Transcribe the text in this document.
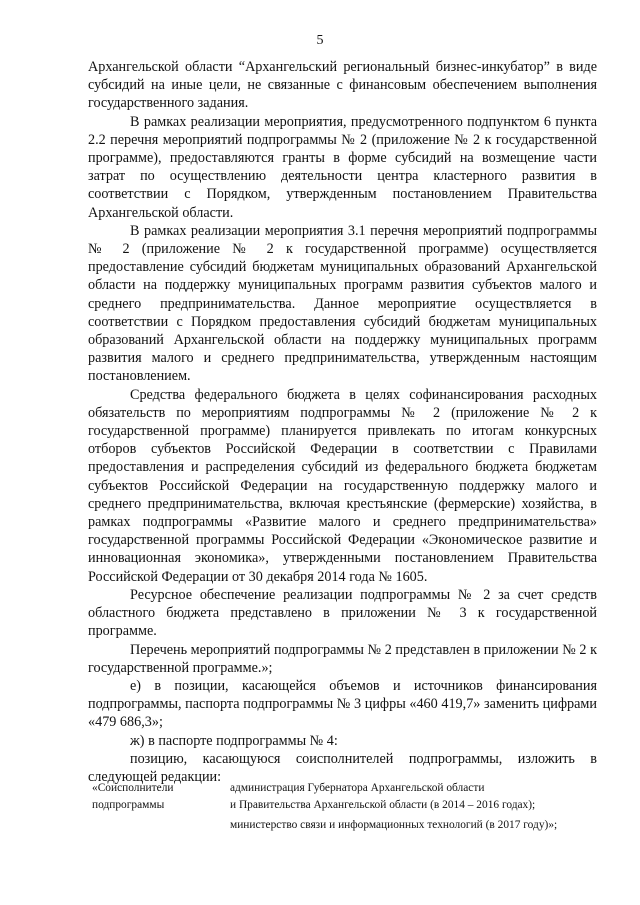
5

Архангельской области “Архангельский региональный бизнес-инкубатор” в виде субсидий на иные цели, не связанные с финансовым обеспечением выполнения государственного задания.

В рамках реализации мероприятия, предусмотренного подпунктом 6 пункта 2.2 перечня мероприятий подпрограммы № 2 (приложение № 2 к государственной программе), предоставляются гранты в форме субсидий на возмещение части затрат по осуществлению деятельности центра кластерного развития в соответствии с Порядком, утвержденным постановлением Правительства Архангельской области.

В рамках реализации мероприятия 3.1 перечня мероприятий подпрограммы № 2 (приложение № 2 к государственной программе) осуществляется предоставление субсидий бюджетам муниципальных образований Архангельской области на поддержку муниципальных программ развития субъектов малого и среднего предпринимательства. Данное мероприятие осуществляется в соответствии с Порядком предоставления субсидий бюджетам муниципальных образований Архангельской области на поддержку муниципальных программ развития малого и среднего предпринимательства, утвержденным настоящим постановлением.

Средства федерального бюджета в целях софинансирования расходных обязательств по мероприятиям подпрограммы № 2 (приложение № 2 к государственной программе) планируется привлекать по итогам конкурсных отборов субъектов Российской Федерации в соответствии с Правилами предоставления и распределения субсидий из федерального бюджета бюджетам субъектов Российской Федерации на государственную поддержку малого и среднего предпринимательства, включая крестьянские (фермерские) хозяйства, в рамках подпрограммы «Развитие малого и среднего предпринимательства» государственной программы Российской Федерации «Экономическое развитие и инновационная экономика», утвержденными постановлением Правительства Российской Федерации от 30 декабря 2014 года № 1605.

Ресурсное обеспечение реализации подпрограммы № 2 за счет средств областного бюджета представлено в приложении № 3 к государственной программе.

Перечень мероприятий подпрограммы № 2 представлен в приложении № 2 к государственной программе.»;

е) в позиции, касающейся объемов и источников финансирования подпрограммы, паспорта подпрограммы № 3 цифры «460 419,7» заменить цифрами «479 686,3»;

ж) в паспорте подпрограммы № 4:

позицию, касающуюся соисполнителей подпрограммы, изложить в следующей редакции:

«Соисполнители
подпрограммы
администрация Губернатора Архангельской области
и Правительства Архангельской области (в 2014 – 2016 годах);
министерство связи и информационных технологий (в 2017 году)»;
